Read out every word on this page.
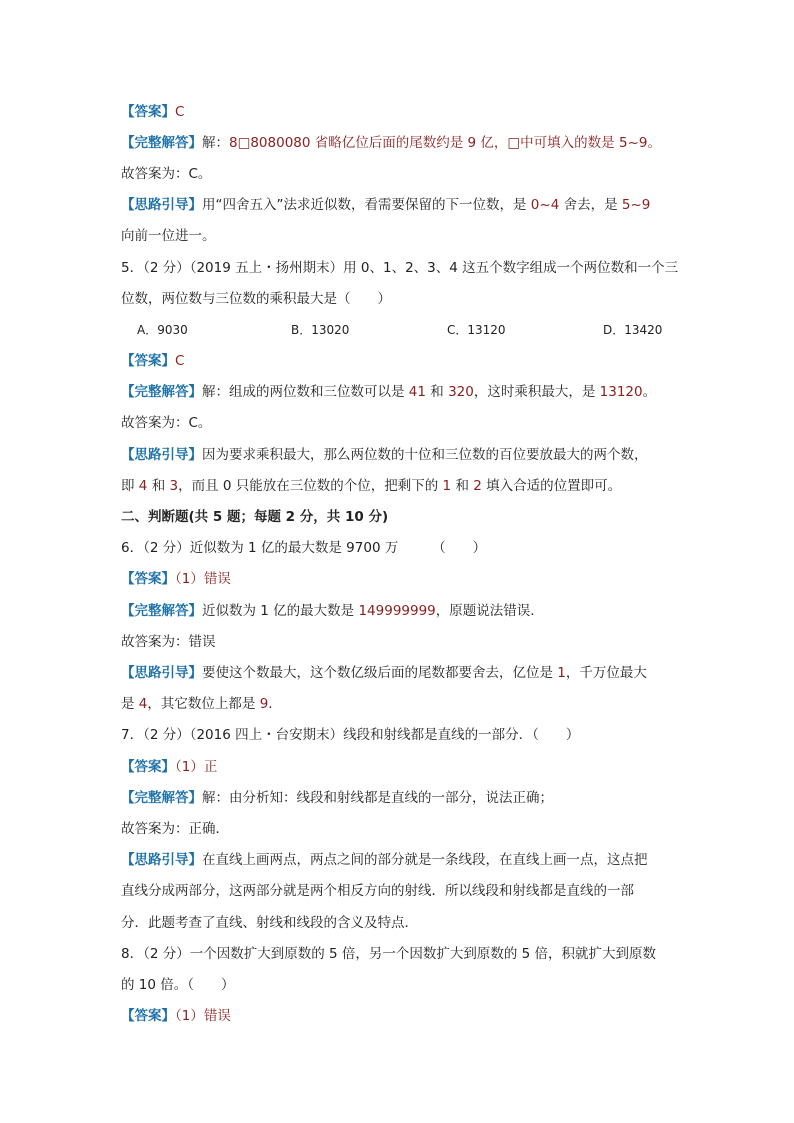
【答案】C
【完整解答】解：8□8080080 省略亿位后面的尾数约是 9 亿，□中可填入的数是 5~9。
故答案为：C。
【思路引导】用“四舍五入”法求近似数，看需要保留的下一位数，是 0~4 舍去，是 5~9
向前一位进一。
5．（2 分）（2019 五上・扬州期末）用 0、1、2、3、4 这五个数字组成一个两位数和一个三
位数，两位数与三位数的乘积最大是（　　）
A．9030	B．13020	C．13120	D．13420
【答案】C
【完整解答】解：组成的两位数和三位数可以是 41 和 320，这时乘积最大，是 13120。
故答案为：C。
【思路引导】因为要求乘积最大，那么两位数的十位和三位数的百位要放最大的两个数，
即 4 和 3，而且 0 只能放在三位数的个位，把剩下的 1 和 2 填入合适的位置即可。
二、判断题(共 5 题；每题 2 分，共 10 分)
6．（2 分）近似数为 1 亿的最大数是 9700 万　　　（　　）
【答案】（1）错误
【完整解答】近似数为 1 亿的最大数是 149999999，原题说法错误.
故答案为：错误
【思路引导】要使这个数最大，这个数亿级后面的尾数都要舍去，亿位是 1，千万位最大
是 4，其它数位上都是 9.
7．（2 分）（2016 四上・台安期末）线段和射线都是直线的一部分．（　　）
【答案】（1）正
【完整解答】解：由分析知：线段和射线都是直线的一部分，说法正确；
故答案为：正确．
【思路引导】在直线上画两点，两点之间的部分就是一条线段，在直线上画一点，这点把
直线分成两部分，这两部分就是两个相反方向的射线．所以线段和射线都是直线的一部
分．此题考查了直线、射线和线段的含义及特点．
8．（2 分）一个因数扩大到原数的 5 倍，另一个因数扩大到原数的 5 倍，积就扩大到原数
的 10 倍。（　　）
【答案】（1）错误
